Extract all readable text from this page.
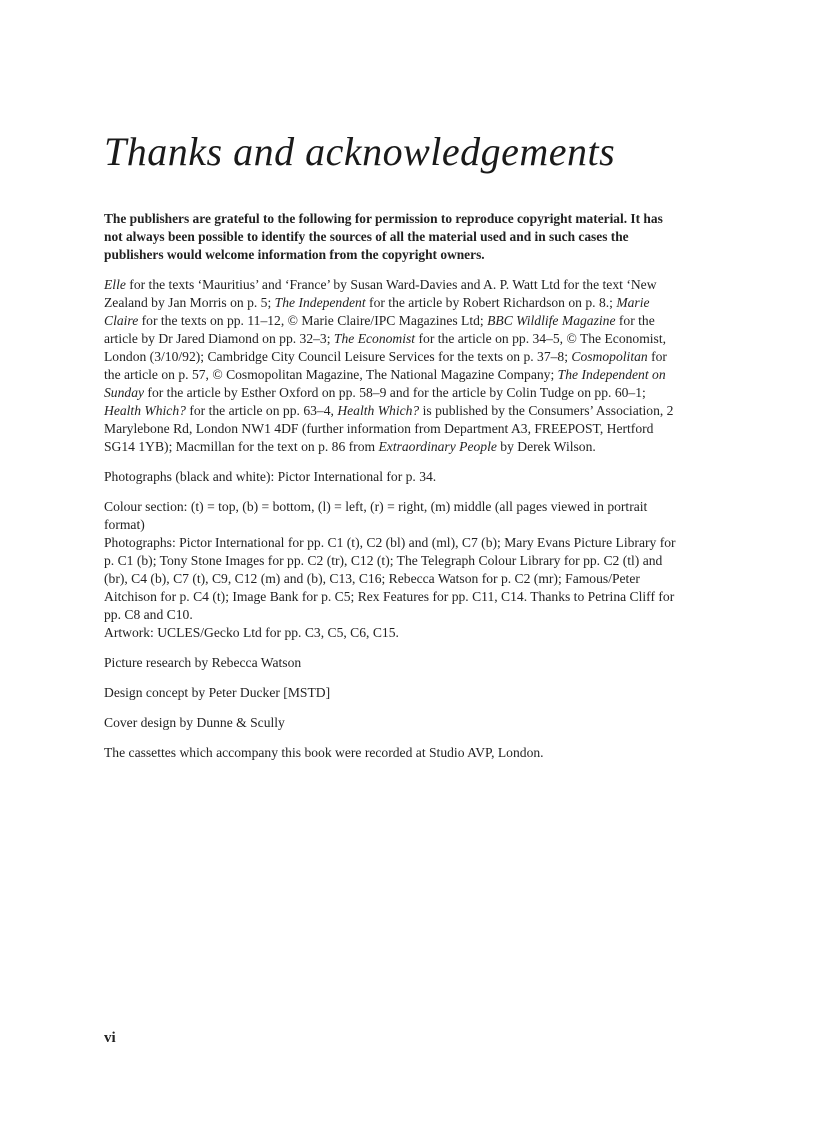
Thanks and acknowledgements

The publishers are grateful to the following for permission to reproduce copyright material. It has not always been possible to identify the sources of all the material used and in such cases the publishers would welcome information from the copyright owners.

Elle for the texts ‘Mauritius’ and ‘France’ by Susan Ward-Davies and A. P. Watt Ltd for the text ‘New Zealand by Jan Morris on p. 5; The Independent for the article by Robert Richardson on p. 8.; Marie Claire for the texts on pp. 11–12, © Marie Claire/IPC Magazines Ltd; BBC Wildlife Magazine for the article by Dr Jared Diamond on pp. 32–3; The Economist for the article on pp. 34–5, © The Economist, London (3/10/92); Cambridge City Council Leisure Services for the texts on p. 37–8; Cosmopolitan for the article on p. 57, © Cosmopolitan Magazine, The National Magazine Company; The Independent on Sunday for the article by Esther Oxford on pp. 58–9 and for the article by Colin Tudge on pp. 60–1; Health Which? for the article on pp. 63–4, Health Which? is published by the Consumers’ Association, 2 Marylebone Rd, London NW1 4DF (further information from Department A3, FREEPOST, Hertford SG14 1YB); Macmillan for the text on p. 86 from Extraordinary People by Derek Wilson.

Photographs (black and white): Pictor International for p. 34.

Colour section: (t) = top, (b) = bottom, (l) = left, (r) = right, (m) middle (all pages viewed in portrait format)

Photographs: Pictor International for pp. C1 (t), C2 (bl) and (ml), C7 (b); Mary Evans Picture Library for p. C1 (b); Tony Stone Images for pp. C2 (tr), C12 (t); The Telegraph Colour Library for pp. C2 (tl) and (br), C4 (b), C7 (t), C9, C12 (m) and (b), C13, C16; Rebecca Watson for p. C2 (mr); Famous/Peter Aitchison for p. C4 (t); Image Bank for p. C5; Rex Features for pp. C11, C14. Thanks to Petrina Cliff for pp. C8 and C10.

Artwork: UCLES/Gecko Ltd for pp. C3, C5, C6, C15.

Picture research by Rebecca Watson

Design concept by Peter Ducker [MSTD]

Cover design by Dunne & Scully

The cassettes which accompany this book were recorded at Studio AVP, London.

vi
